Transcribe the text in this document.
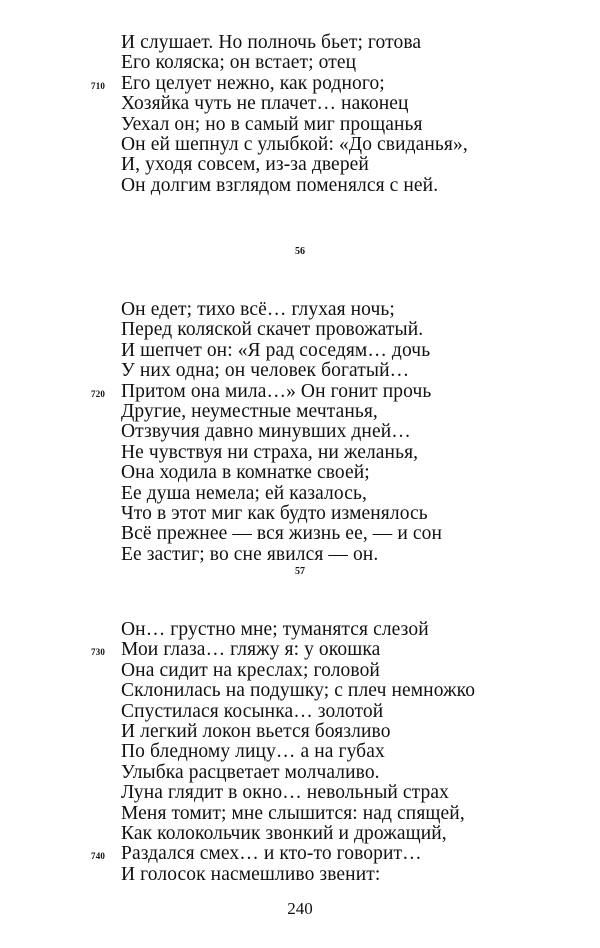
И слушает. Но полночь бьет; готова
Его коляска; он встает; отец
Его целует нежно, как родного;
710
Хозяйка чуть не плачет… наконец
Уехал он; но в самый миг прощанья
Он ей шепнул с улыбкой: «До свиданья»,
И, уходя совсем, из-за дверей
Он долгим взглядом поменялся с ней.
56
Он едет; тихо всё… глухая ночь;
Перед коляской скачет провожатый.
И шепчет он: «Я рад соседям… дочь
У них одна; он человек богатый…
Притом она мила…» Он гонит прочь
720
Другие, неуместные мечтанья,
Отзвучия давно минувших дней…
Не чувствуя ни страха, ни желанья,
Она ходила в комнатке своей;
Ее душа немела; ей казалось,
Что в этот миг как будто изменялось
Всё прежнее — вся жизнь ее, — и сон
Ее застиг; во сне явился — он.
57
Он… грустно мне; туманятся слезой
Мои глаза… гляжу я: у окошка
730
Она сидит на креслах; головой
Склонилась на подушку; с плеч немножко
Спустилася косынка… золотой
И легкий локон вьется боязливо
По бледному лицу… а на губах
Улыбка расцветает молчаливо.
Луна глядит в окно… невольный страх
Меня томит; мне слышится: над спящей,
Как колокольчик звонкий и дрожащий,
Раздался смех… и кто-то говорит…
740
И голосок насмешливо звенит:
240
